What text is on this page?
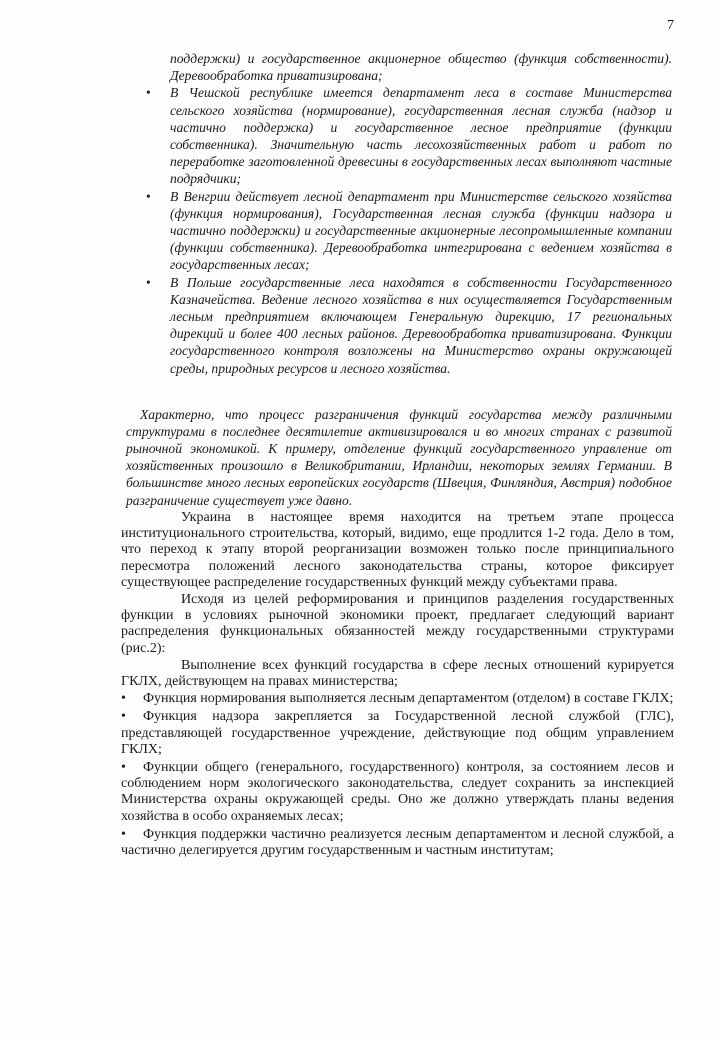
7

поддержки) и государственное акционерное общество (функция собственности). Деревообработка приватизирована;

• В Чешской республике имеется департамент леса в составе Министерства сельского хозяйства (нормирование), государственная лесная служба (надзор и частично поддержка) и государственное лесное предприятие (функции собственника). Значительную часть лесохозяйственных работ и работ по переработке заготовленной древесины в государственных лесах выполняют частные подрядчики;
• В Венгрии действует лесной департамент при Министерстве сельского хозяйства (функция нормирования), Государственная лесная служба (функции надзора и частично поддержки) и государственные акционерные лесопромышленные компании (функции собственника). Деревообработка интегрирована с ведением хозяйства в государственных лесах;
• В Польше государственные леса находятся в собственности Государственного Казначейства. Ведение лесного хозяйства в них осуществляется Государственным лесным предприятием включающем Генеральную дирекцию, 17 региональных дирекций и более 400 лесных районов. Деревообработка приватизирована. Функции государственного контроля возложены на Министерство охраны окружающей среды, природных ресурсов и лесного хозяйства.

Характерно, что процесс разграничения функций государства между различными структурами в последнее десятилетие активизировался и во многих странах с развитой рыночной экономикой. К примеру, отделение функций государственного управление от хозяйственных произошло в Великобритании, Ирландии, некоторых землях Германии. В большинстве много лесных европейских государств (Швеция, Финляндия, Австрия) подобное разграничение существует уже давно.

Украина в настоящее время находится на третьем этапе процесса институционального строительства, который, видимо, еще продлится 1-2 года. Дело в том, что переход к этапу второй реорганизации возможен только после принципиального пересмотра положений лесного законодательства страны, которое фиксирует существующее распределение государственных функций между субъектами права.

Исходя из целей реформирования и принципов разделения государственных функции в условиях рыночной экономики проект, предлагает следующий вариант распределения функциональных обязанностей между государственными структурами (рис.2):

Выполнение всех функций государства в сфере лесных отношений курируется ГКЛХ, действующем на правах министерства;

• Функция нормирования выполняется лесным департаментом (отделом) в составе ГКЛХ;
• Функция надзора закрепляется за Государственной лесной службой (ГЛС), представляющей государственное учреждение, действующие под общим управлением ГКЛХ;
• Функции общего (генерального, государственного) контроля, за состоянием лесов и соблюдением норм экологического законодательства, следует сохранить за инспекцией Министерства охраны окружающей среды. Оно же должно утверждать планы ведения хозяйства в особо охраняемых лесах;
• Функция поддержки частично реализуется лесным департаментом и лесной службой, а частично делегируется другим государственным и частным институтам;
